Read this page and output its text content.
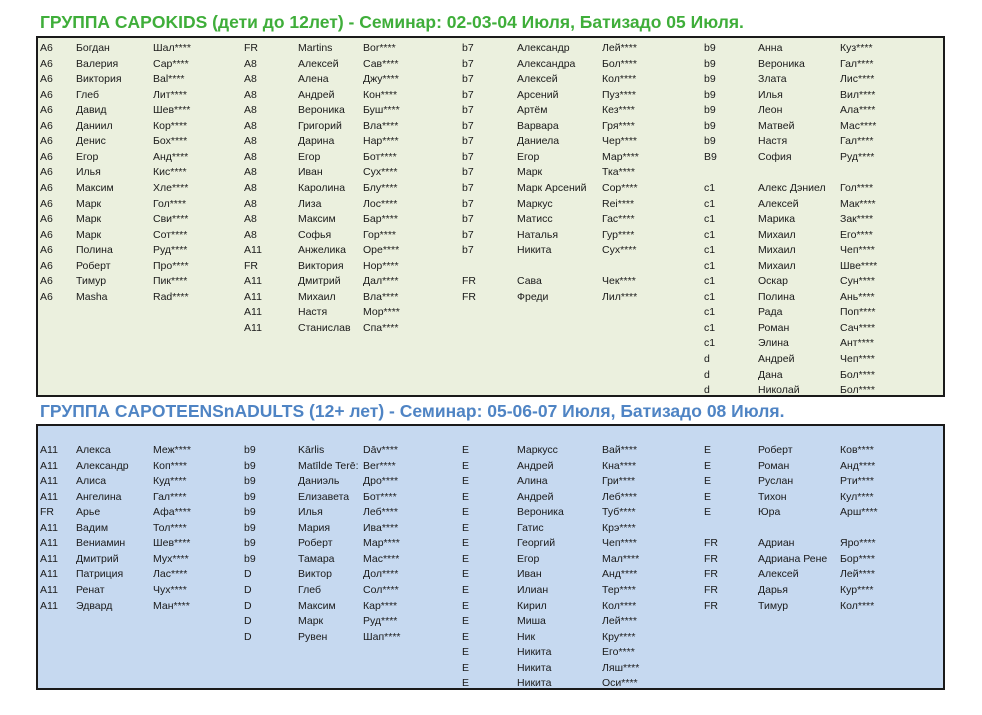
ГРУППА CAPOKIDS (дети до 12лет) - Семинар: 02-03-04 Июля, Батизадо 05 Июля.
A6 Богдан	Шал****
A6 Валерия	Сар****
A6 Виктория	Bal****
A6 Глеб	Лит****
A6 Давид	Шев****
A6 Даниил	Кор****
A6 Денис	Бох****
A6 Егор	Анд****
A6 Илья	Кис****
A6 Максим	Хле****
A6 Марк	Гол****
A6 Марк	Сви****
A6 Марк	Сот****
A6 Полина	Руд****
A6 Роберт	Про****
A6 Тимур	Пик****
A6 Masha	Rad****
FR	Martins	Bor****
A8	Алексей Сав****
A8	Алена	Джу****
A8	Андрей	Кон****
A8	Вероника Буш****
A8	Григорий Вла****
A8	Дарина	Нар****
A8	Егор	Бот****
A8	Иван	Сух****
A8	Каролина Блу****
A8	Лиза	Лос****
A8	Максим	Бар****
A8	Софья	Гор****
A11	Анжелика Оре****
FR	Виктория Нор****
A11	Дмитрий Дал****
A11	Михаил	Вла****
A11	Настя	Мор****
A11	Станислав Спа****
b7	Александр	Лей****
b7	Александра	Бол****
b7	Алексей	Кол****
b7	Арсений	Пуз****
b7	Артём	Кез****
b7	Варвара	Гря****
b7	Даниела	Чер****
b7	Егор	Мар****
b7	Марк	Тка****
b7	Марк Арсений Сор****
b7	Маркус	Rei****
b7	Матисс	Гас****
b7	Наталья	Гур****
b7	Никита	Сух****
FR	Сава	Чек****
FR	Фреди	Лил****
b9	Анна	Куз****
b9	Вероника	Гал****
b9	Злата	Лис****
b9	Илья	Вил****
b9	Леон	Ала****
b9	Матвей	Мас****
b9	Настя	Гал****
B9	София	Руд****
c1	Алекс Дэниел Гол****
c1	Алексей	Мак****
c1	Марика	Зак****
c1	Михаил	Его****
c1	Михаил	Чеп****
c1	Михаил	Шве****
c1	Оскар	Сун****
c1	Полина	Ань****
c1	Рада	Поп****
c1	Роман	Сач****
c1	Элина	Ант****
d	Андрей	Чеп****
d	Дана	Бол****
d	Николай	Бол****
ГРУППА CAPOTEENSnADULTS (12+ лет) - Семинар: 05-06-07 Июля, Батизадо 08 Июля.
A11 Алекса	Меж****
A11 Александр Коп****
A11 Алиса	Куд****
A11 Ангелина	Гал****
FR Арье	Афа****
A11 Вадим	Тол****
A11 Вениамин	Шев****
A11 Дмитрий	Мух****
A11 Патриция	Лас****
A11 Ренат	Чух****
A11 Эдвард	Ман****
b9	Kārlis	Dāv****
b9	Matīlde Terē: Ber****
b9	Даниэль Дро****
b9	Елизавета Бот****
b9	Илья	Леб****
b9	Мария	Ива****
b9	Роберт	Мар****
b9	Тамара	Мас****
D	Виктор	Дол****
D	Глеб	Сол****
D	Максим	Кар****
D	Марк	Руд****
D	Рувен	Шап****
E	Маркусс	Вай****
E	Андрей	Кна****
E	Алина	Гри****
E	Андрей	Леб****
E	Вероника	Туб****
E	Гатис	Крэ****
E	Георгий	Чеп****
E	Егор	Мал****
E	Иван	Анд****
E	Илиан	Тер****
E	Кирил	Кол****
E	Миша	Лей****
E	Ник	Кру****
E	Никита	Его****
E	Никита	Ляш****
E	Никита	Оси****
E	Роберт	Ков****
E	Роман	Анд****
E	Руслан	Рти****
E	Тихон	Кул****
E	Юра	Арш****
FR	Адриан	Яро****
FR	Адриана Рене Бор****
FR	Алексей	Лей****
FR	Дарья	Кур****
FR	Тимур	Кол****
